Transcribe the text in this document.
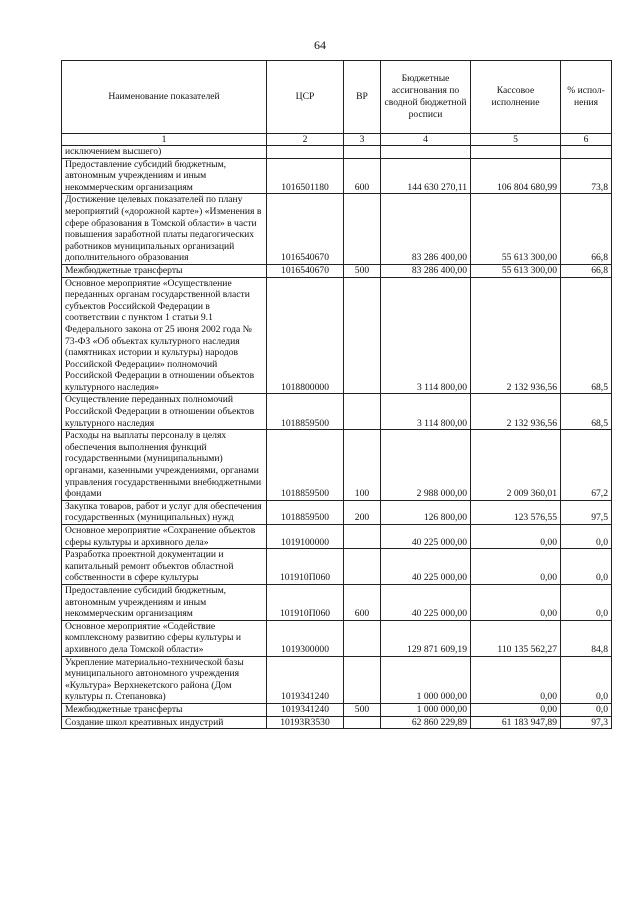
64
Наименование показателей	ЦСР	ВР	Бюджетные ассигнования по сводной бюджетной росписи	Кассовое исполнение	% испол-нения
1	2	3	4	5	6
исключением высшего)					
Предоставление субсидий бюджетным, автономным учреждениям и иным некоммерческим организациям	1016501180	600	144 630 270,11	106 804 680,99	73,8
Достижение целевых показателей по плану мероприятий («дорожной карте») «Изменения в сфере образования в Томской области» в части повышения заработной платы педагогических работников муниципальных организаций дополнительного образования	1016540670		83 286 400,00	55 613 300,00	66,8
Межбюджетные трансферты	1016540670	500	83 286 400,00	55 613 300,00	66,8
Основное мероприятие «Осуществление переданных органам государственной власти субъектов Российской Федерации в соответствии с пунктом 1 статьи 9.1 Федерального закона от 25 июня 2002 года № 73-ФЗ «Об объектах культурного наследия (памятниках истории и культуры) народов Российской Федерации» полномочий Российской Федерации в отношении объектов культурного наследия»	1018800000		3 114 800,00	2 132 936,56	68,5
Осуществление переданных полномочий Российской Федерации в отношении объектов культурного наследия	1018859500		3 114 800,00	2 132 936,56	68,5
Расходы на выплаты персоналу в целях обеспечения выполнения функций государственными (муниципальными) органами, казенными учреждениями, органами управления государственными внебюджетными фондами	1018859500	100	2 988 000,00	2 009 360,01	67,2
Закупка товаров, работ и услуг для обеспечения государственных (муниципальных) нужд	1018859500	200	126 800,00	123 576,55	97,5
Основное мероприятие «Сохранение объектов сферы культуры и архивного дела»	1019100000		40 225 000,00	0,00	0,0
Разработка проектной документации и капитальный ремонт объектов областной собственности в сфере культуры	101910П060		40 225 000,00	0,00	0,0
Предоставление субсидий бюджетным, автономным учреждениям и иным некоммерческим организациям	101910П060	600	40 225 000,00	0,00	0,0
Основное мероприятие «Содействие комплексному развитию сферы культуры и архивного дела Томской области»	1019300000		129 871 609,19	110 135 562,27	84,8
Укрепление материально-технической базы муниципального автономного учреждения «Культура» Верхнекетского района (Дом культуры п. Степановка)	1019341240		1 000 000,00	0,00	0,0
Межбюджетные трансферты	1019341240	500	1 000 000,00	0,00	0,0
Создание школ креативных индустрий	10193R3530		62 860 229,89	61 183 947,89	97,3
